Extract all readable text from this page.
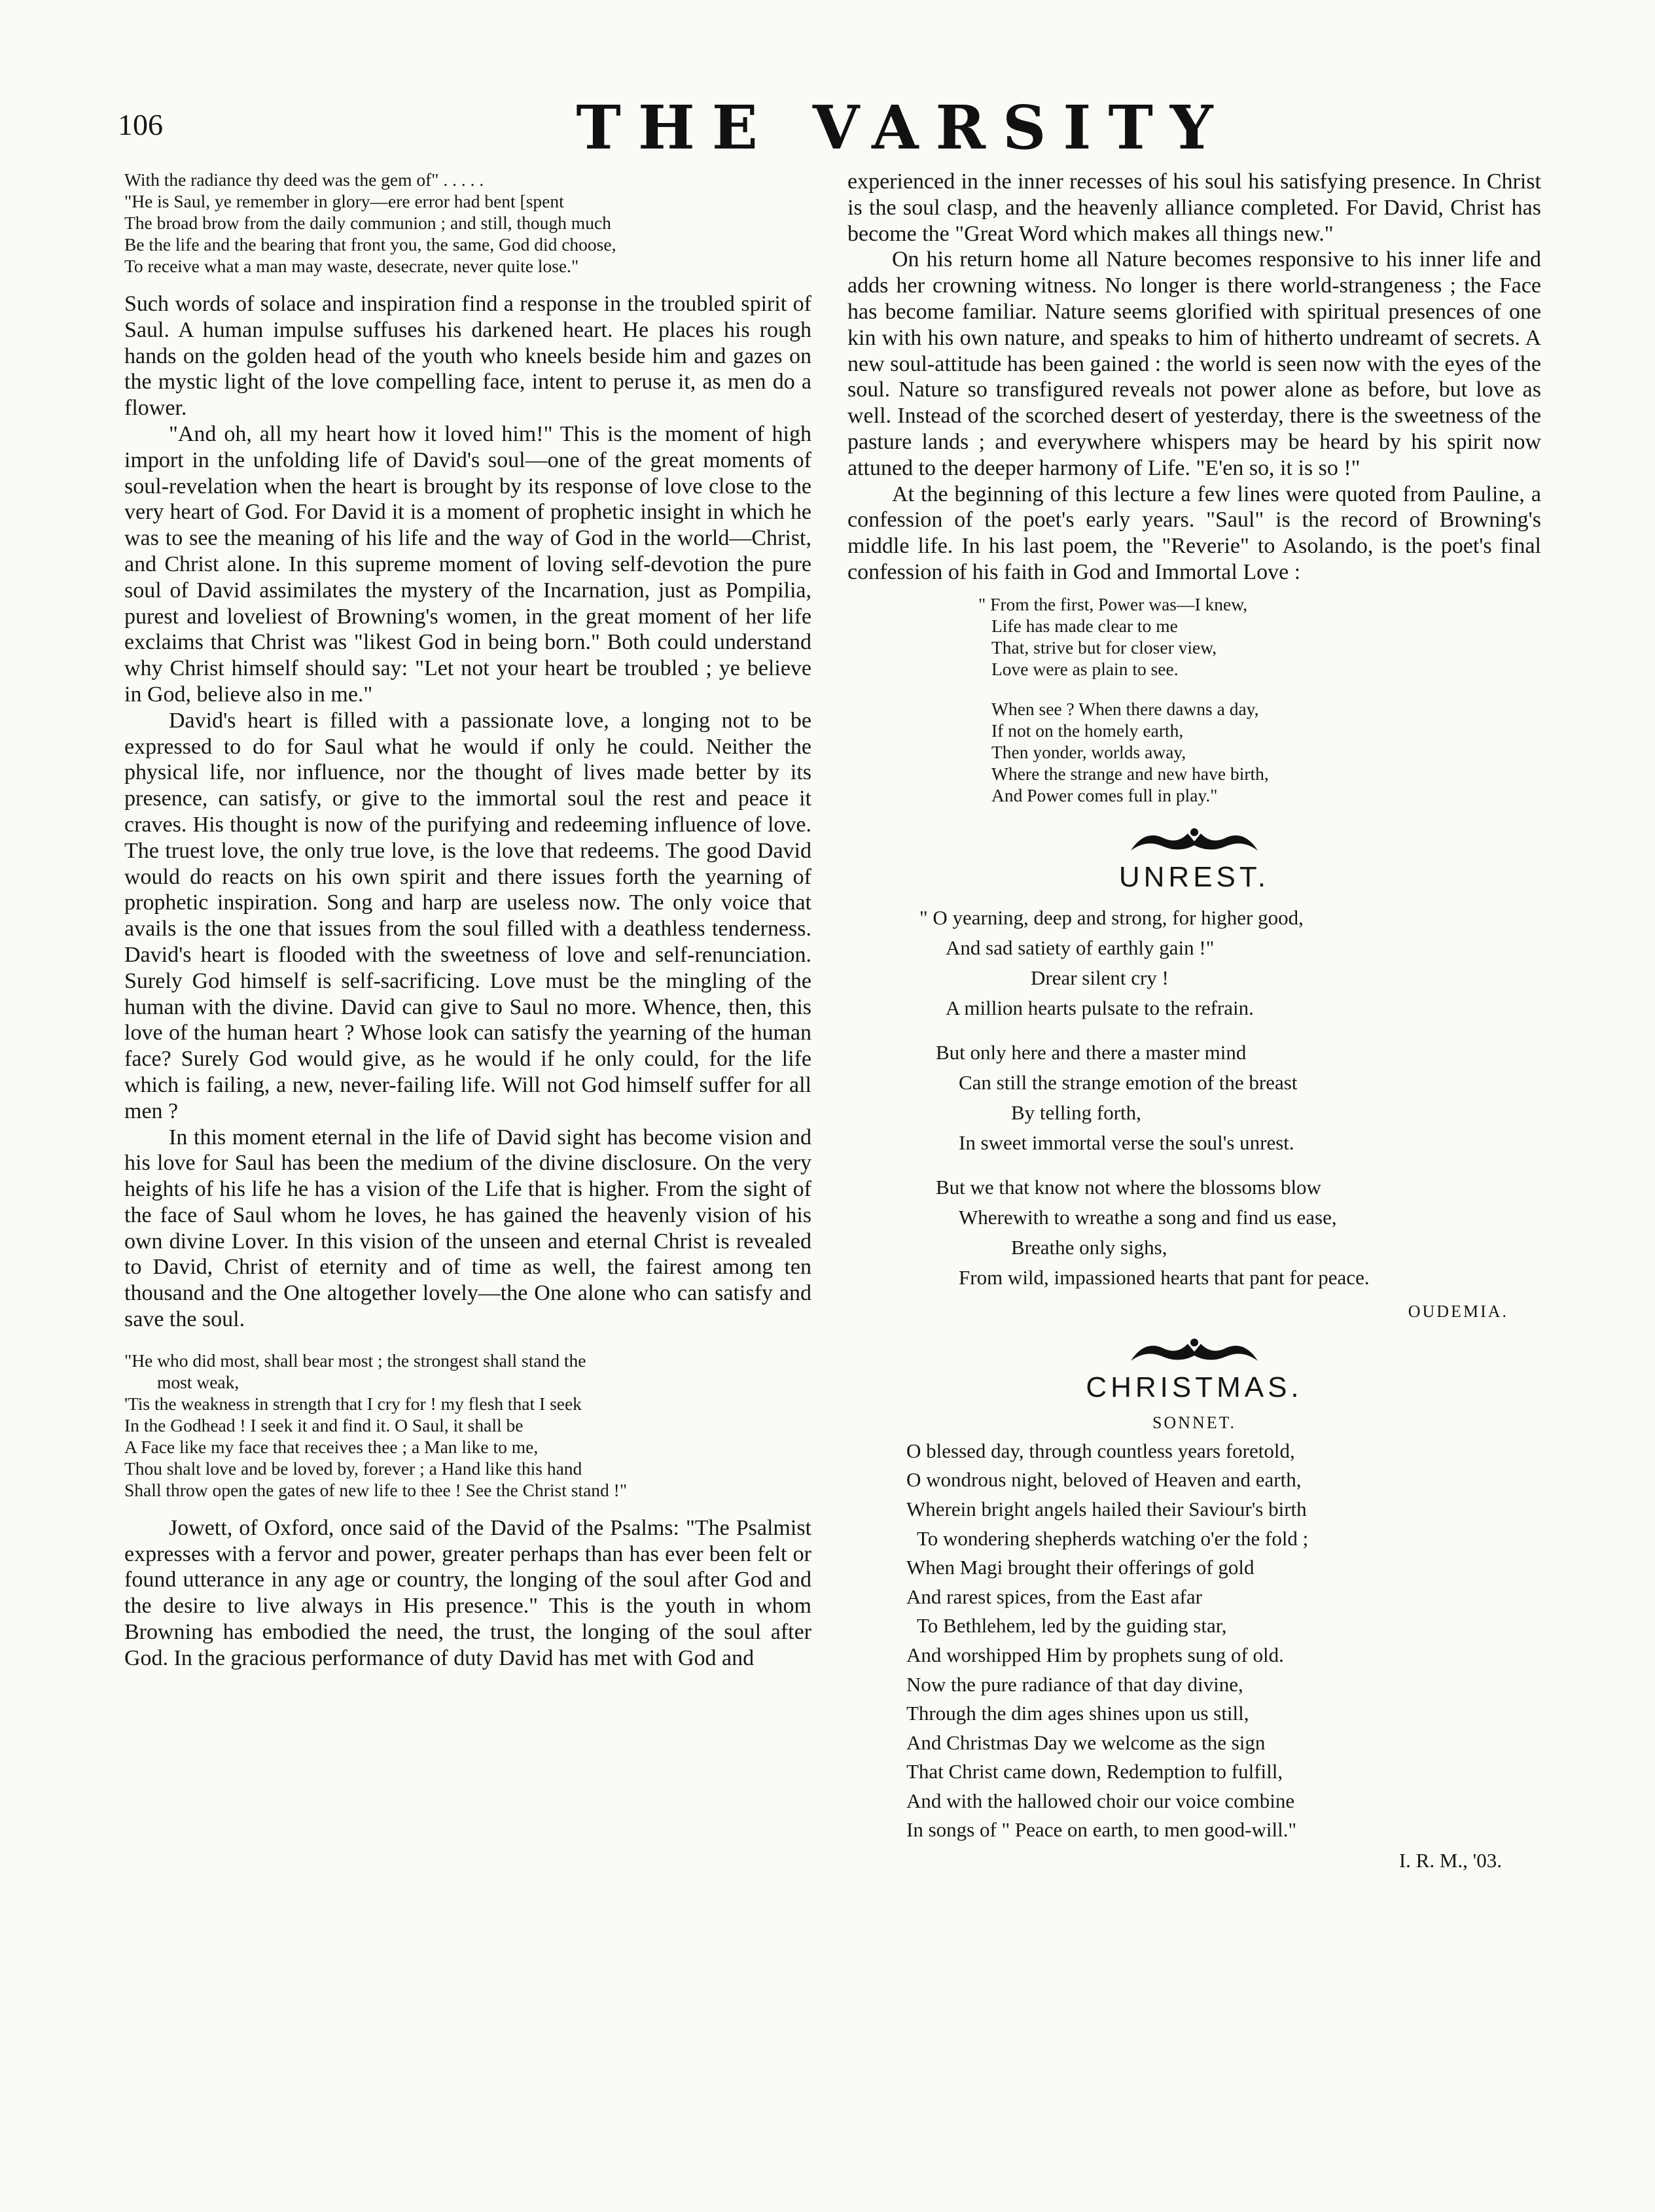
106	THE VARSITY

With the radiance thy deed was the gem of" . . . . .

"He is Saul, ye remember in glory—ere error had bent [spent

The broad brow from the daily communion ; and still, though much

Be the life and the bearing that front you, the same, God did choose,

To receive what a man may waste, desecrate, never quite lose."

Such words of solace and inspiration find a response in the troubled spirit of Saul. A human impulse suffuses his darkened heart. He places his rough hands on the golden head of the youth who kneels beside him and gazes on the mystic light of the love compelling face, intent to peruse it, as men do a flower.

"And oh, all my heart how it loved him!" This is the moment of high import in the unfolding life of David's soul—one of the great moments of soul-revelation when the heart is brought by its response of love close to the very heart of God. For David it is a moment of prophetic insight in which he was to see the meaning of his life and the way of God in the world—Christ, and Christ alone. In this supreme moment of loving self-devotion the pure soul of David assimilates the mystery of the Incarnation, just as Pompilia, purest and loveliest of Browning's women, in the great moment of her life exclaims that Christ was "likest God in being born." Both could understand why Christ himself should say: "Let not your heart be troubled ; ye believe in God, believe also in me."

David's heart is filled with a passionate love, a longing not to be expressed to do for Saul what he would if only he could. Neither the physical life, nor influence, nor the thought of lives made better by its presence, can satisfy, or give to the immortal soul the rest and peace it craves. His thought is now of the purifying and redeeming influence of love. The truest love, the only true love, is the love that redeems. The good David would do reacts on his own spirit and there issues forth the yearning of prophetic inspiration. Song and harp are useless now. The only voice that avails is the one that issues from the soul filled with a deathless tenderness. David's heart is flooded with the sweetness of love and self-renunciation. Surely God himself is self-sacrificing. Love must be the mingling of the human with the divine. David can give to Saul no more. Whence, then, this love of the human heart ? Whose look can satisfy the yearning of the human face? Surely God would give, as he would if he only could, for the life which is failing, a new, never-failing life. Will not God himself suffer for all men ?

In this moment eternal in the life of David sight has become vision and his love for Saul has been the medium of the divine disclosure. On the very heights of his life he has a vision of the Life that is higher. From the sight of the face of Saul whom he loves, he has gained the heavenly vision of his own divine Lover. In this vision of the unseen and eternal Christ is revealed to David, Christ of eternity and of time as well, the fairest among ten thousand and the One altogether lovely—the One alone who can satisfy and save the soul.

"He who did most, shall bear most ; the strongest shall stand the

most weak,

'Tis the weakness in strength that I cry for ! my flesh that I seek

In the Godhead ! I seek it and find it. O Saul, it shall be

A Face like my face that receives thee ; a Man like to me,

Thou shalt love and be loved by, forever ; a Hand like this hand

Shall throw open the gates of new life to thee ! See the Christ stand !"

Jowett, of Oxford, once said of the David of the Psalms: "The Psalmist expresses with a fervor and power, greater perhaps than has ever been felt or found utterance in any age or country, the longing of the soul after God and the desire to live always in His presence." This is the youth in whom Browning has embodied the need, the trust, the longing of the soul after God. In the gracious performance of duty David has met with God and

experienced in the inner recesses of his soul his satisfying presence. In Christ is the soul clasp, and the heavenly alliance completed. For David, Christ has become the "Great Word which makes all things new."

On his return home all Nature becomes responsive to his inner life and adds her crowning witness. No longer is there world-strangeness ; the Face has become familiar. Nature seems glorified with spiritual presences of one kin with his own nature, and speaks to him of hitherto undreamt of secrets. A new soul-attitude has been gained : the world is seen now with the eyes of the soul. Nature so transfigured reveals not power alone as before, but love as well. Instead of the scorched desert of yesterday, there is the sweetness of the pasture lands ; and everywhere whispers may be heard by his spirit now attuned to the deeper harmony of Life. "E'en so, it is so !"

At the beginning of this lecture a few lines were quoted from Pauline, a confession of the poet's early years. "Saul" is the record of Browning's middle life. In his last poem, the "Reverie" to Asolando, is the poet's final confession of his faith in God and Immortal Love :

" From the first, Power was—I knew,

Life has made clear to me

That, strive but for closer view,

Love were as plain to see.

When see ? When there dawns a day,

If not on the homely earth,

Then yonder, worlds away,

Where the strange and new have birth,

And Power comes full in play."

UNREST.

" O yearning, deep and strong, for higher good,

And sad satiety of earthly gain !"

Drear silent cry !

A million hearts pulsate to the refrain.

But only here and there a master mind

Can still the strange emotion of the breast

By telling forth,

In sweet immortal verse the soul's unrest.

But we that know not where the blossoms blow

Wherewith to wreathe a song and find us ease,

Breathe only sighs,

From wild, impassioned hearts that pant for peace.

OUDEMIA.
CHRISTMAS.
SONNET.

O blessed day, through countless years foretold,

O wondrous night, beloved of Heaven and earth,

Wherein bright angels hailed their Saviour's birth

To wondering shepherds watching o'er the fold ;

When Magi brought their offerings of gold

And rarest spices, from the East afar

To Bethlehem, led by the guiding star,

And worshipped Him by prophets sung of old.

Now the pure radiance of that day divine,

Through the dim ages shines upon us still,

And Christmas Day we welcome as the sign

That Christ came down, Redemption to fulfill,

And with the hallowed choir our voice combine

In songs of " Peace on earth, to men good-will."

I. R. M., '03.
